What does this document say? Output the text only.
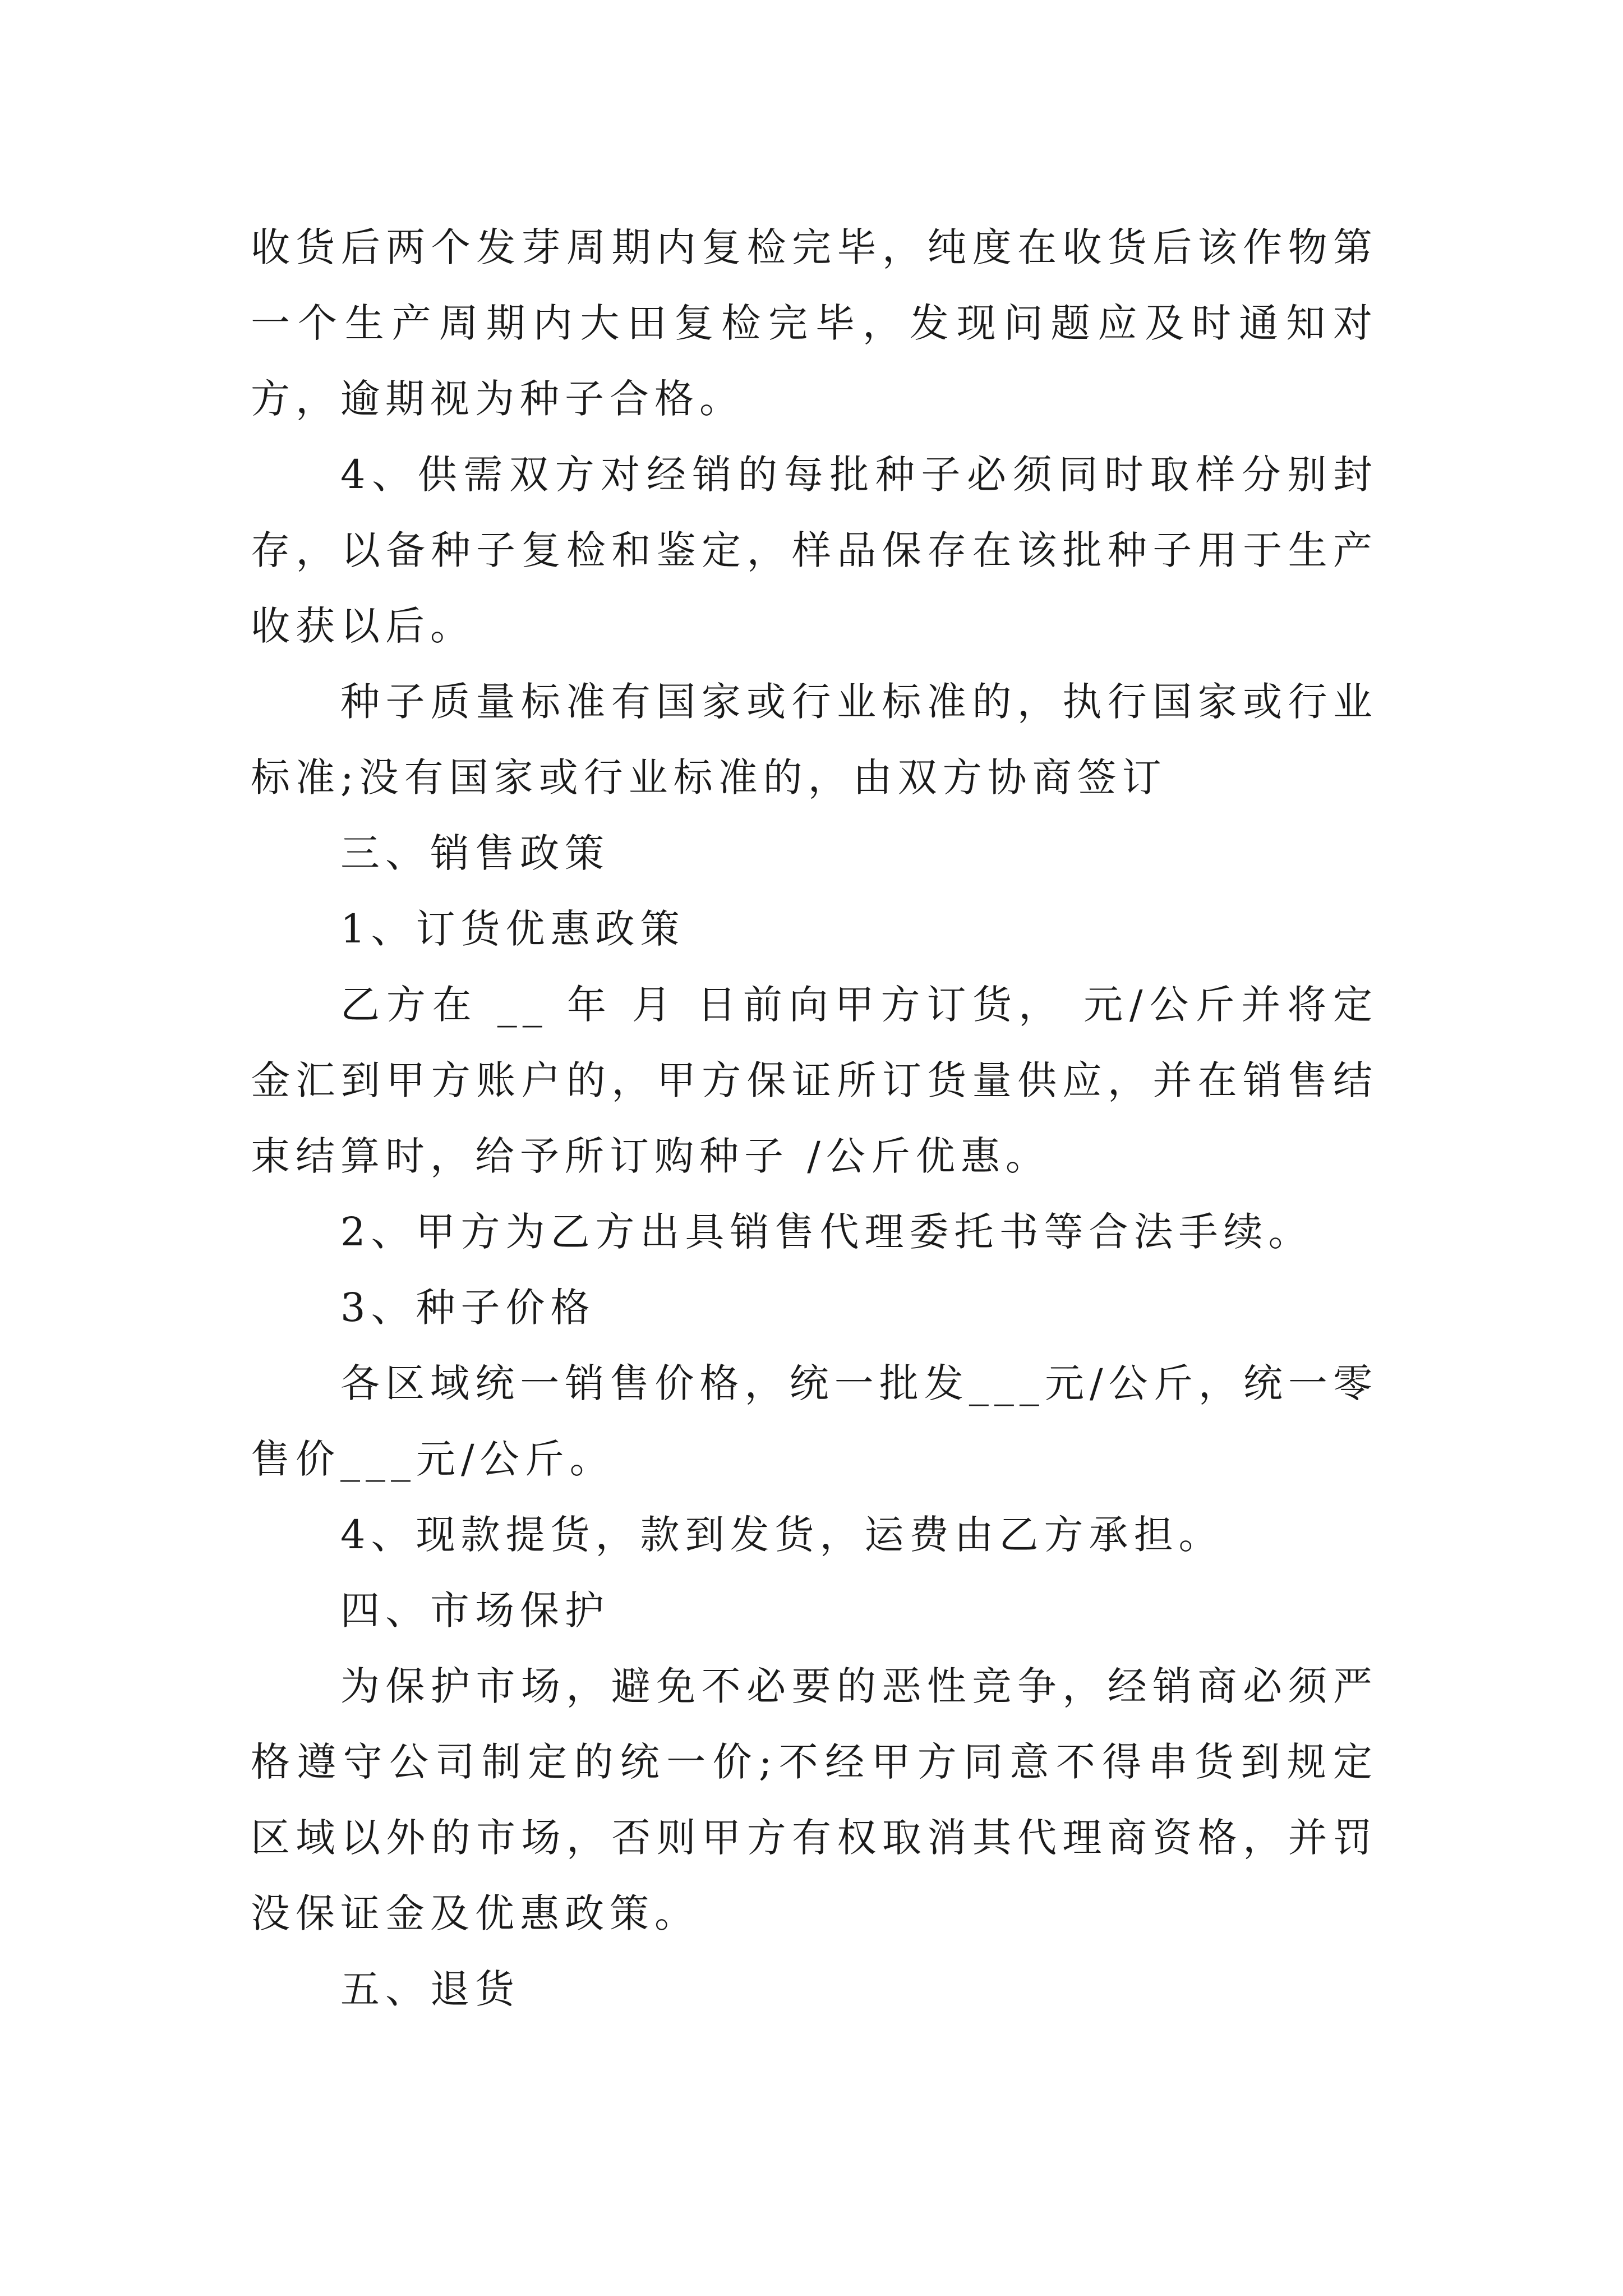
收货后两个发芽周期内复检完毕，纯度在收货后该作物第一个生产周期内大田复检完毕，发现问题应及时通知对方，逾期视为种子合格。

4、供需双方对经销的每批种子必须同时取样分别封存，以备种子复检和鉴定，样品保存在该批种子用于生产收获以后。

种子质量标准有国家或行业标准的，执行国家或行业标准;没有国家或行业标准的，由双方协商签订

三、销售政策

1、订货优惠政策

乙方在 __ 年 月 日前向甲方订货， 元/公斤并将定金汇到甲方账户的，甲方保证所订货量供应，并在销售结束结算时，给予所订购种子 /公斤优惠。

2、甲方为乙方出具销售代理委托书等合法手续。

3、种子价格

各区域统一销售价格，统一批发___元/公斤，统一零售价___元/公斤。

4、现款提货，款到发货，运费由乙方承担。

四、市场保护

为保护市场，避免不必要的恶性竞争，经销商必须严格遵守公司制定的统一价;不经甲方同意不得串货到规定区域以外的市场，否则甲方有权取消其代理商资格，并罚没保证金及优惠政策。

五、退货
